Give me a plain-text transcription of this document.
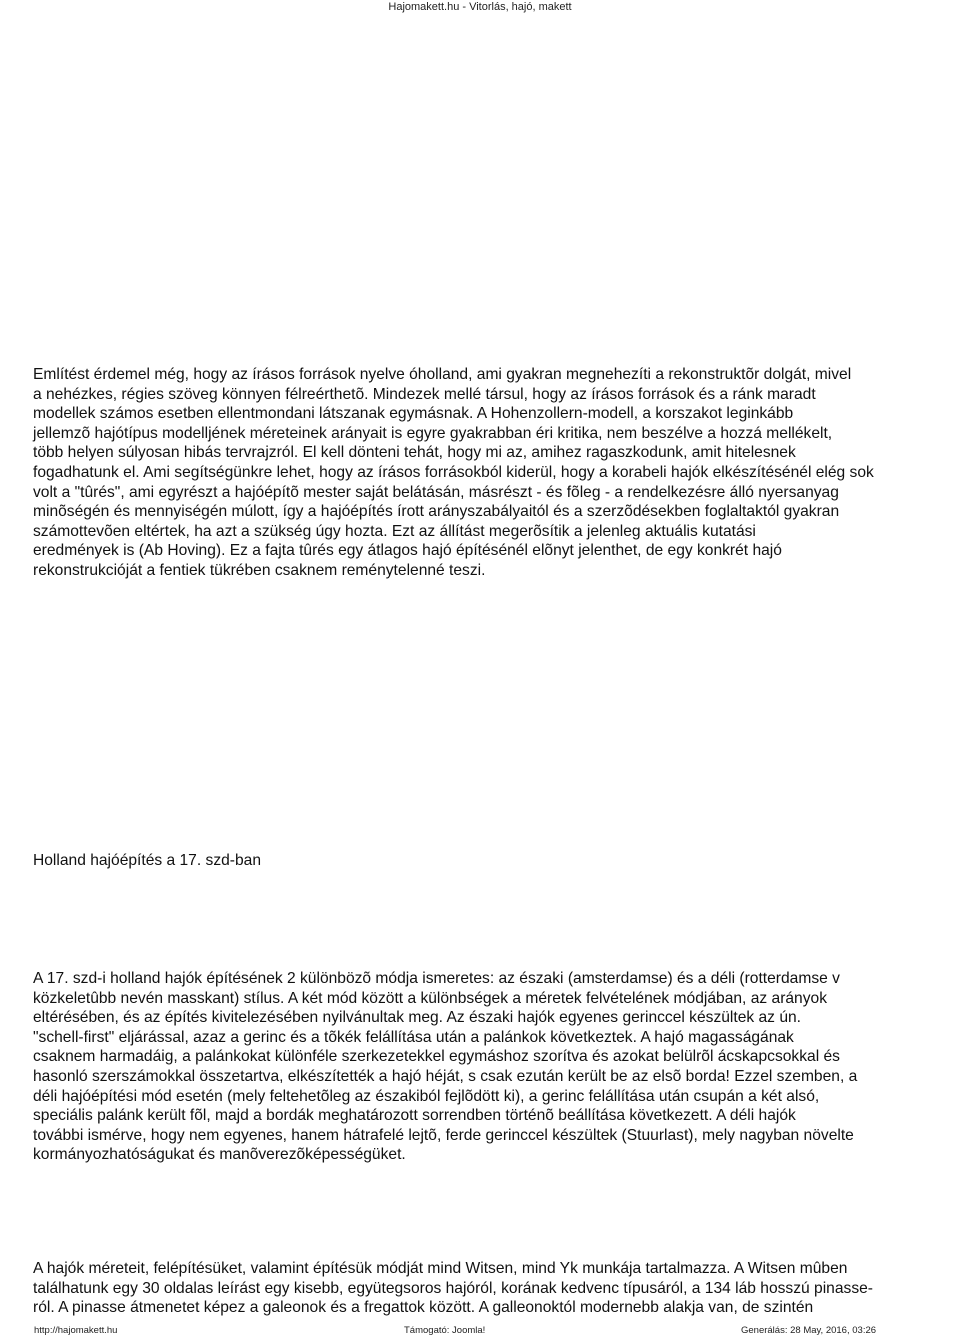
Hajomakett.hu - Vitorlás, hajó, makett
Említést érdemel még, hogy az írásos források nyelve óholland, ami gyakran megnehezíti a rekonstruktõr dolgát, mivel
a nehézkes, régies szöveg könnyen félreérthetõ. Mindezek mellé társul, hogy az írásos források és a ránk maradt
modellek számos esetben ellentmondani látszanak egymásnak. A Hohenzollern-modell, a korszakot leginkább
jellemzõ hajótípus modelljének méreteinek arányait is egyre gyakrabban éri kritika, nem beszélve a hozzá mellékelt,
több helyen súlyosan hibás tervrajzról. El kell dönteni tehát, hogy mi az, amihez ragaszkodunk, amit hitelesnek
fogadhatunk el. Ami segítségünkre lehet, hogy az írásos forrásokból kiderül, hogy a korabeli hajók elkészítésénél elég sok
volt a "tûrés", ami egyrészt a hajóépítõ mester saját belátásán, másrészt - és fõleg - a rendelkezésre álló nyersanyag
minõségén és mennyiségén múlott, így a hajóépítés írott arányszabályaitól és a szerzõdésekben foglaltaktól gyakran
számottevõen eltértek, ha azt a szükség úgy hozta. Ezt az állítást megerõsítik a jelenleg aktuális kutatási
eredmények is (Ab Hoving). Ez a fajta tûrés egy átlagos hajó építésénél elõnyt jelenthet, de egy konkrét hajó
rekonstrukcióját a fentiek tükrében csaknem reménytelenné teszi.
Holland hajóépítés a 17. szd-ban
A 17. szd-i holland hajók építésének 2 különbözõ módja ismeretes: az északi (amsterdamse) és a déli (rotterdamse v
közkeletûbb nevén masskant) stílus. A két mód között a különbségek a méretek felvételének módjában, az arányok
eltérésében, és az építés kivitelezésében nyilvánultak meg. Az északi hajók egyenes gerinccel készültek az ún.
"schell-first" eljárással, azaz a gerinc és a tõkék felállítása után a palánkok következtek. A hajó magasságának
csaknem harmadáig, a palánkokat különféle szerkezetekkel egymáshoz szorítva és azokat belülrõl ácskapcsokkal és
hasonló szerszámokkal összetartva, elkészítették a hajó héját, s csak ezután került be az elsõ borda! Ezzel szemben, a
déli hajóépítési mód esetén (mely feltehetõleg az északiból fejlõdött ki), a gerinc felállítása után csupán a két alsó,
speciális palánk került fõl, majd a bordák meghatározott sorrendben történõ beállítása következett. A déli hajók
további ismérve, hogy nem egyenes, hanem hátrafelé lejtõ, ferde gerinccel készültek (Stuurlast), mely nagyban növelte
kormányozhatóságukat és manõverezõképességüket.
A hajók méreteit, felépítésüket, valamint építésük módját mind Witsen, mind Yk munkája tartalmazza. A Witsen mûben
találhatunk egy 30 oldalas leírást egy kisebb, együtegsoros hajóról, korának kedvenc típusáról, a 134 láb hosszú pinasse-
ról. A pinasse átmenetet képez a galeonok és a fregattok között. A galleonoktól modernebb alakja van, de szintén
http://hajomakett.hu	Támogató: Joomla!	Generálás: 28 May, 2016, 03:26
